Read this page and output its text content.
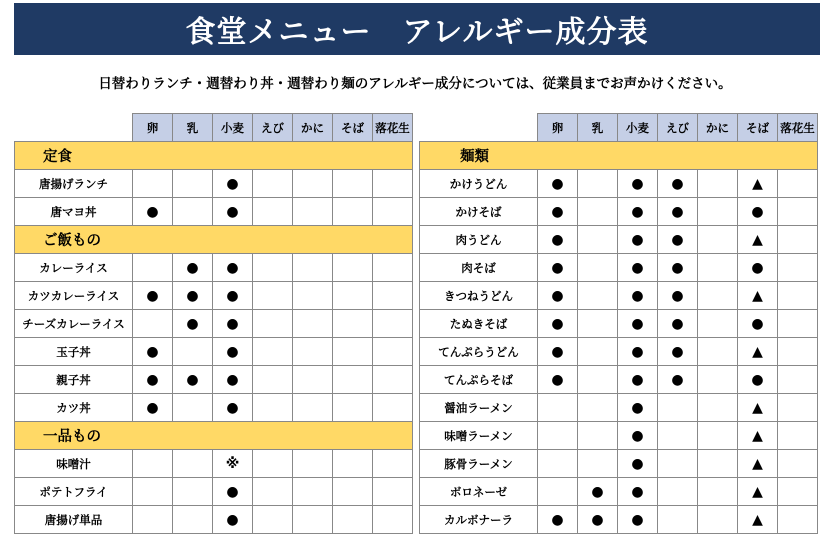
食堂メニュー　アレルギー成分表
日替わりランチ・週替わり丼・週替わり麺のアレルギー成分については、従業員までお声かけください。
	卵	乳	小麦	えび	かに	そば	落花生
定食							
唐揚げランチ			●				
唐マヨ丼	●		●				
ご飯もの							
カレーライス		●	●				
カツカレーライス	●	●	●				
チーズカレーライス		●	●				
玉子丼	●		●				
親子丼	●	●	●				
カツ丼	●		●				
一品もの							
味噌汁			※				
ポテトフライ			●				
唐揚げ単品			●				
	卵	乳	小麦	えび	かに	そば	落花生
麺類							
かけうどん	●		●	●		▲	
かけそば	●		●	●		●	
肉うどん	●		●	●		▲	
肉そば	●		●	●		●	
きつねうどん	●		●	●		▲	
たぬきそば	●		●	●		●	
てんぷらうどん	●		●	●		▲	
てんぷらそば	●		●	●		●	
醤油ラーメン			●			▲	
味噌ラーメン			●			▲	
豚骨ラーメン			●			▲	
ボロネーゼ		●	●			▲	
カルボナーラ	●	●	●			▲	
